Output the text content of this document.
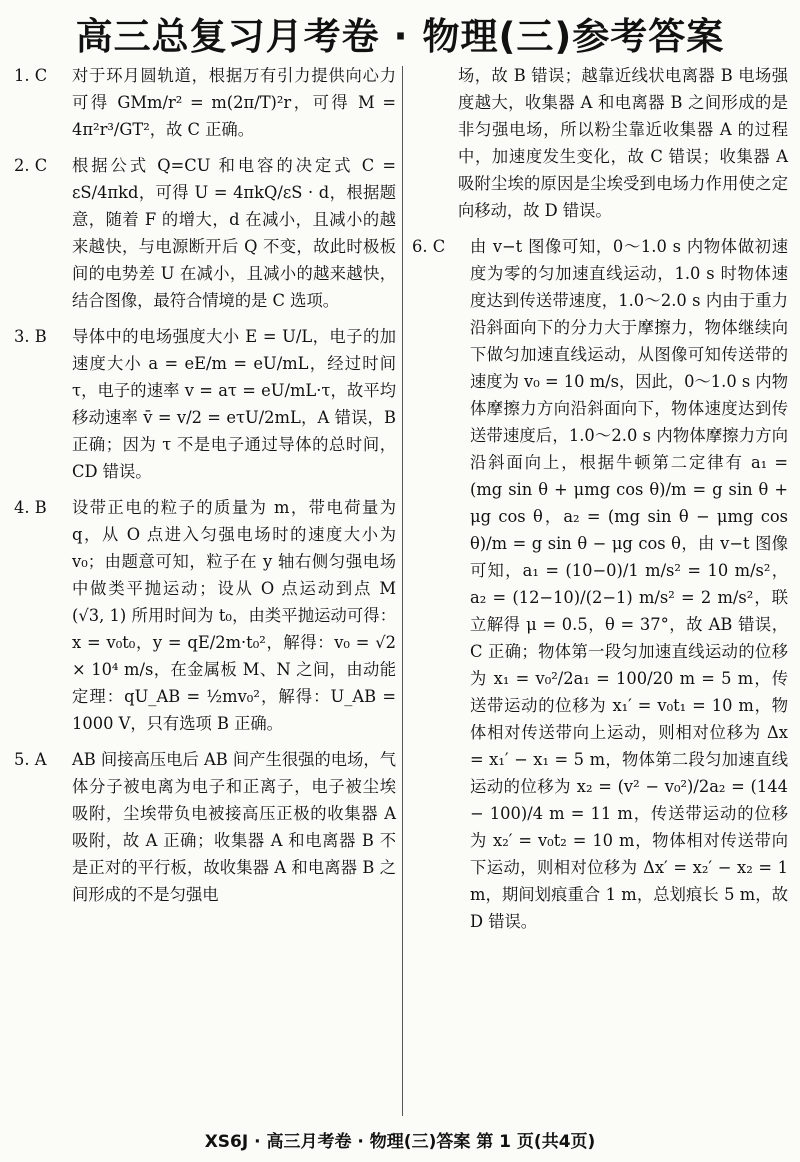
高三总复习月考卷 · 物理(三)参考答案
1. C 对于环月圆轨道，根据万有引力提供向心力可得 GMm/r² = m(2π/T)²r，可得 M = 4π²r³/GT²，故 C 正确。
2. C 根据公式 Q=CU 和电容的决定式 C = εS/4πkd，可得 U = 4πkQ/εS · d，根据题意，随着 F 的增大，d 在减小，且减小的越来越快，与电源断开后 Q 不变，故此时极板间的电势差 U 在减小，且减小的越来越快，结合图像，最符合情境的是 C 选项。
3. B 导体中的电场强度大小 E = U/L，电子的加速度大小 a = eE/m = eU/mL，经过时间 τ，电子的速率 v = aτ = eU/mL·τ，故平均移动速率 v̄ = v/2 = eτU/2mL，A 错误，B 正确；因为 τ 不是电子通过导体的总时间，CD 错误。
4. B 设带正电的粒子的质量为 m，带电荷量为 q，从 O 点进入匀强电场时的速度大小为 v₀；由题意可知，粒子在 y 轴右侧匀强电场中做类平抛运动；设从 O 点运动到点 M (√3, 1) 所用时间为 t₀，由类平抛运动可得：x = v₀t₀，y = qE/2m·t₀²，解得：v₀ = √2 × 10⁴ m/s，在金属板 M、N 之间，由动能定理：qU_AB = ½mv₀²，解得：U_AB = 1000 V，只有选项 B 正确。
5. A AB 间接高压电后 AB 间产生很强的电场，气体分子被电离为电子和正离子，电子被尘埃吸附，尘埃带负电被接高压正极的收集器 A 吸附，故 A 正确；收集器 A 和电离器 B 不是正对的平行板，故收集器 A 和电离器 B 之间形成的不是匀强电
场，故 B 错误；越靠近线状电离器 B 电场强度越大，收集器 A 和电离器 B 之间形成的是非匀强电场，所以粉尘靠近收集器 A 的过程中，加速度发生变化，故 C 错误；收集器 A 吸附尘埃的原因是尘埃受到电场力作用使之定向移动，故 D 错误。
6. C 由 v−t 图像可知，0～1.0 s 内物体做初速度为零的匀加速直线运动，1.0 s 时物体速度达到传送带速度，1.0～2.0 s 内由于重力沿斜面向下的分力大于摩擦力，物体继续向下做匀加速直线运动，从图像可知传送带的速度为 v₀ = 10 m/s，因此，0～1.0 s 内物体摩擦力方向沿斜面向下，物体速度达到传送带速度后，1.0～2.0 s 内物体摩擦力方向沿斜面向上，根据牛顿第二定律有 a₁ = (mg sin θ + μmg cos θ)/m = g sin θ + μg cos θ，a₂ = (mg sin θ − μmg cos θ)/m = g sin θ − μg cos θ，由 v−t 图像可知，a₁ = (10−0)/1 m/s² = 10 m/s²，a₂ = (12−10)/(2−1) m/s² = 2 m/s²，联立解得 μ = 0.5，θ = 37°，故 AB 错误，C 正确；物体第一段匀加速直线运动的位移为 x₁ = v₀²/2a₁ = 100/20 m = 5 m，传送带运动的位移为 x₁′ = v₀t₁ = 10 m，物体相对传送带向上运动，则相对位移为 Δx = x₁′ − x₁ = 5 m，物体第二段匀加速直线运动的位移为 x₂ = (v² − v₀²)/2a₂ = (144 − 100)/4 m = 11 m，传送带运动的位移为 x₂′ = v₀t₂ = 10 m，物体相对传送带向下运动，则相对位移为 Δx′ = x₂′ − x₂ = 1 m，期间划痕重合 1 m，总划痕长 5 m，故 D 错误。
XS6J · 高三月考卷 · 物理(三)答案 第 1 页(共4页)
